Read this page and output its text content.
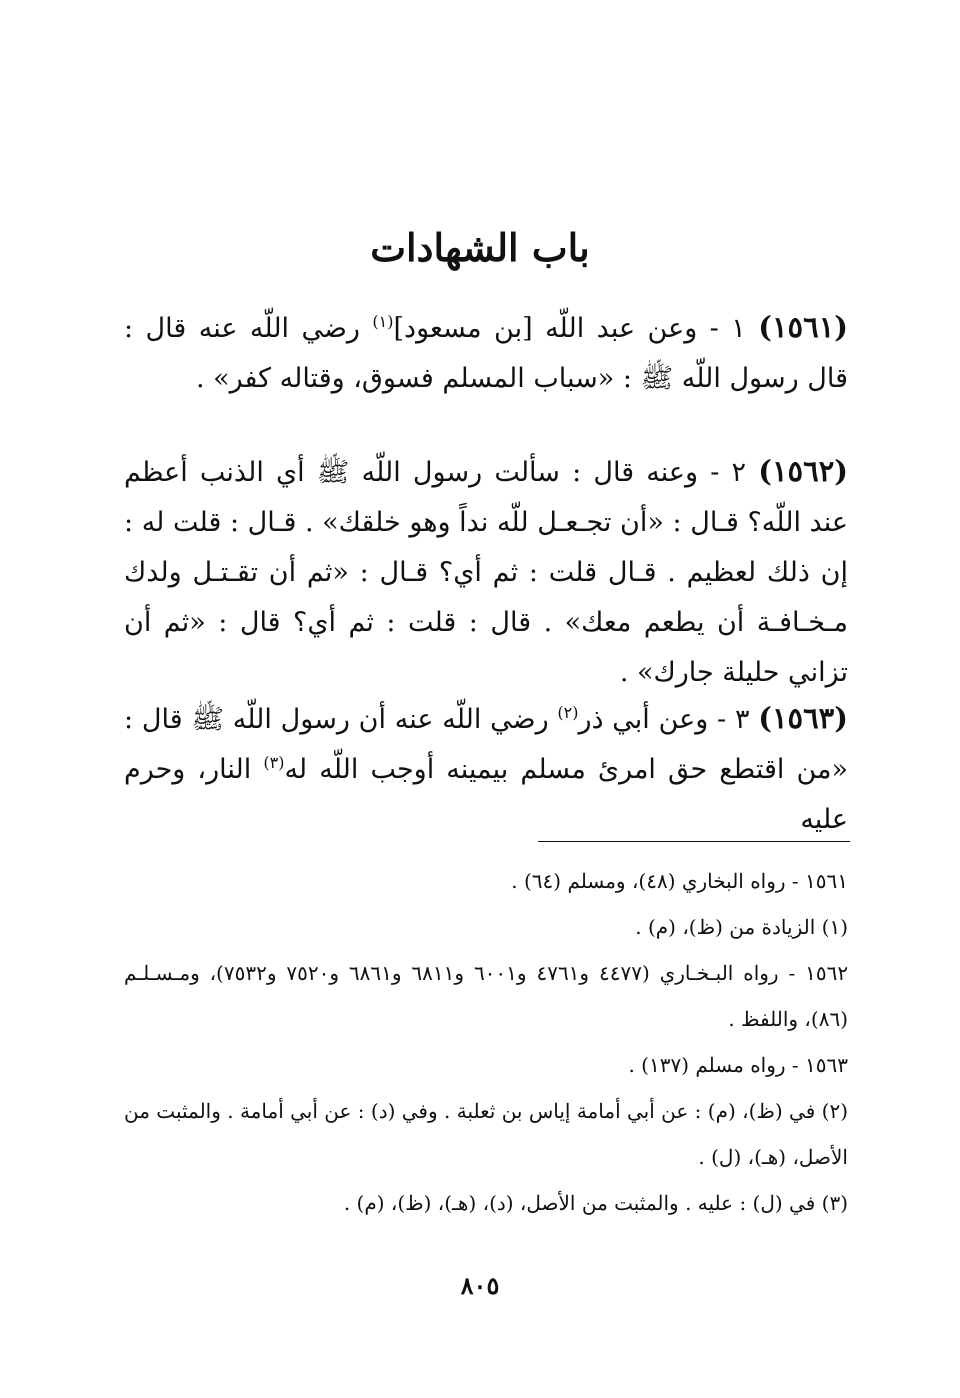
باب الشهادات

(١٥٦١) ١ - وعن عبد اللّه [بن مسعود]$^{(١)}$ رضي اللّه عنه قال : قال رسول اللّه ﷺ : «سباب المسلم فسوق، وقتاله كفر» .

(١٥٦٢) ٢ - وعنه قال : سألت رسول اللّه ﷺ أي الذنب أعظم عند اللّه؟ قـال : «أن تجـعـل للّه نداً وهو خلقك» . قـال : قلت له : إن ذلك لعظيم . قـال قلت : ثم أي؟ قـال : «ثم أن تقـتـل ولدك مـخـافـة أن يطعم معك» . قال : قلت : ثم أي؟ قال : «ثم أن تزاني حليلة جارك» .

(١٥٦٣) ٣ - وعن أبي ذر$^{(٢)}$ رضي اللّه عنه أن رسول اللّه ﷺ قال : «من اقتطع حق امرئ مسلم بيمينه أوجب اللّه له$^{(٣)}$ النار، وحرم عليه

١٥٦١ - رواه البخاري (٤٨)، ومسلم (٦٤) .
(١) الزيادة من (ظ)، (م) .
١٥٦٢ - رواه البـخـاري (٤٤٧٧ و٤٧٦١ و٦٠٠١ و٦٨١١ و٦٨٦١ و٧٥٢٠ و٧٥٣٢)، ومـسـلـم (٨٦)، واللفظ .
١٥٦٣ - رواه مسلم (١٣٧) .
(٢) في (ظ)، (م) : عن أبي أمامة إياس بن ثعلبة . وفي (د) : عن أبي أمامة . والمثبت من الأصل، (هـ)، (ل) .
(٣) في (ل) : عليه . والمثبت من الأصل، (د)، (هـ)، (ظ)، (م) .
٨٠٥
